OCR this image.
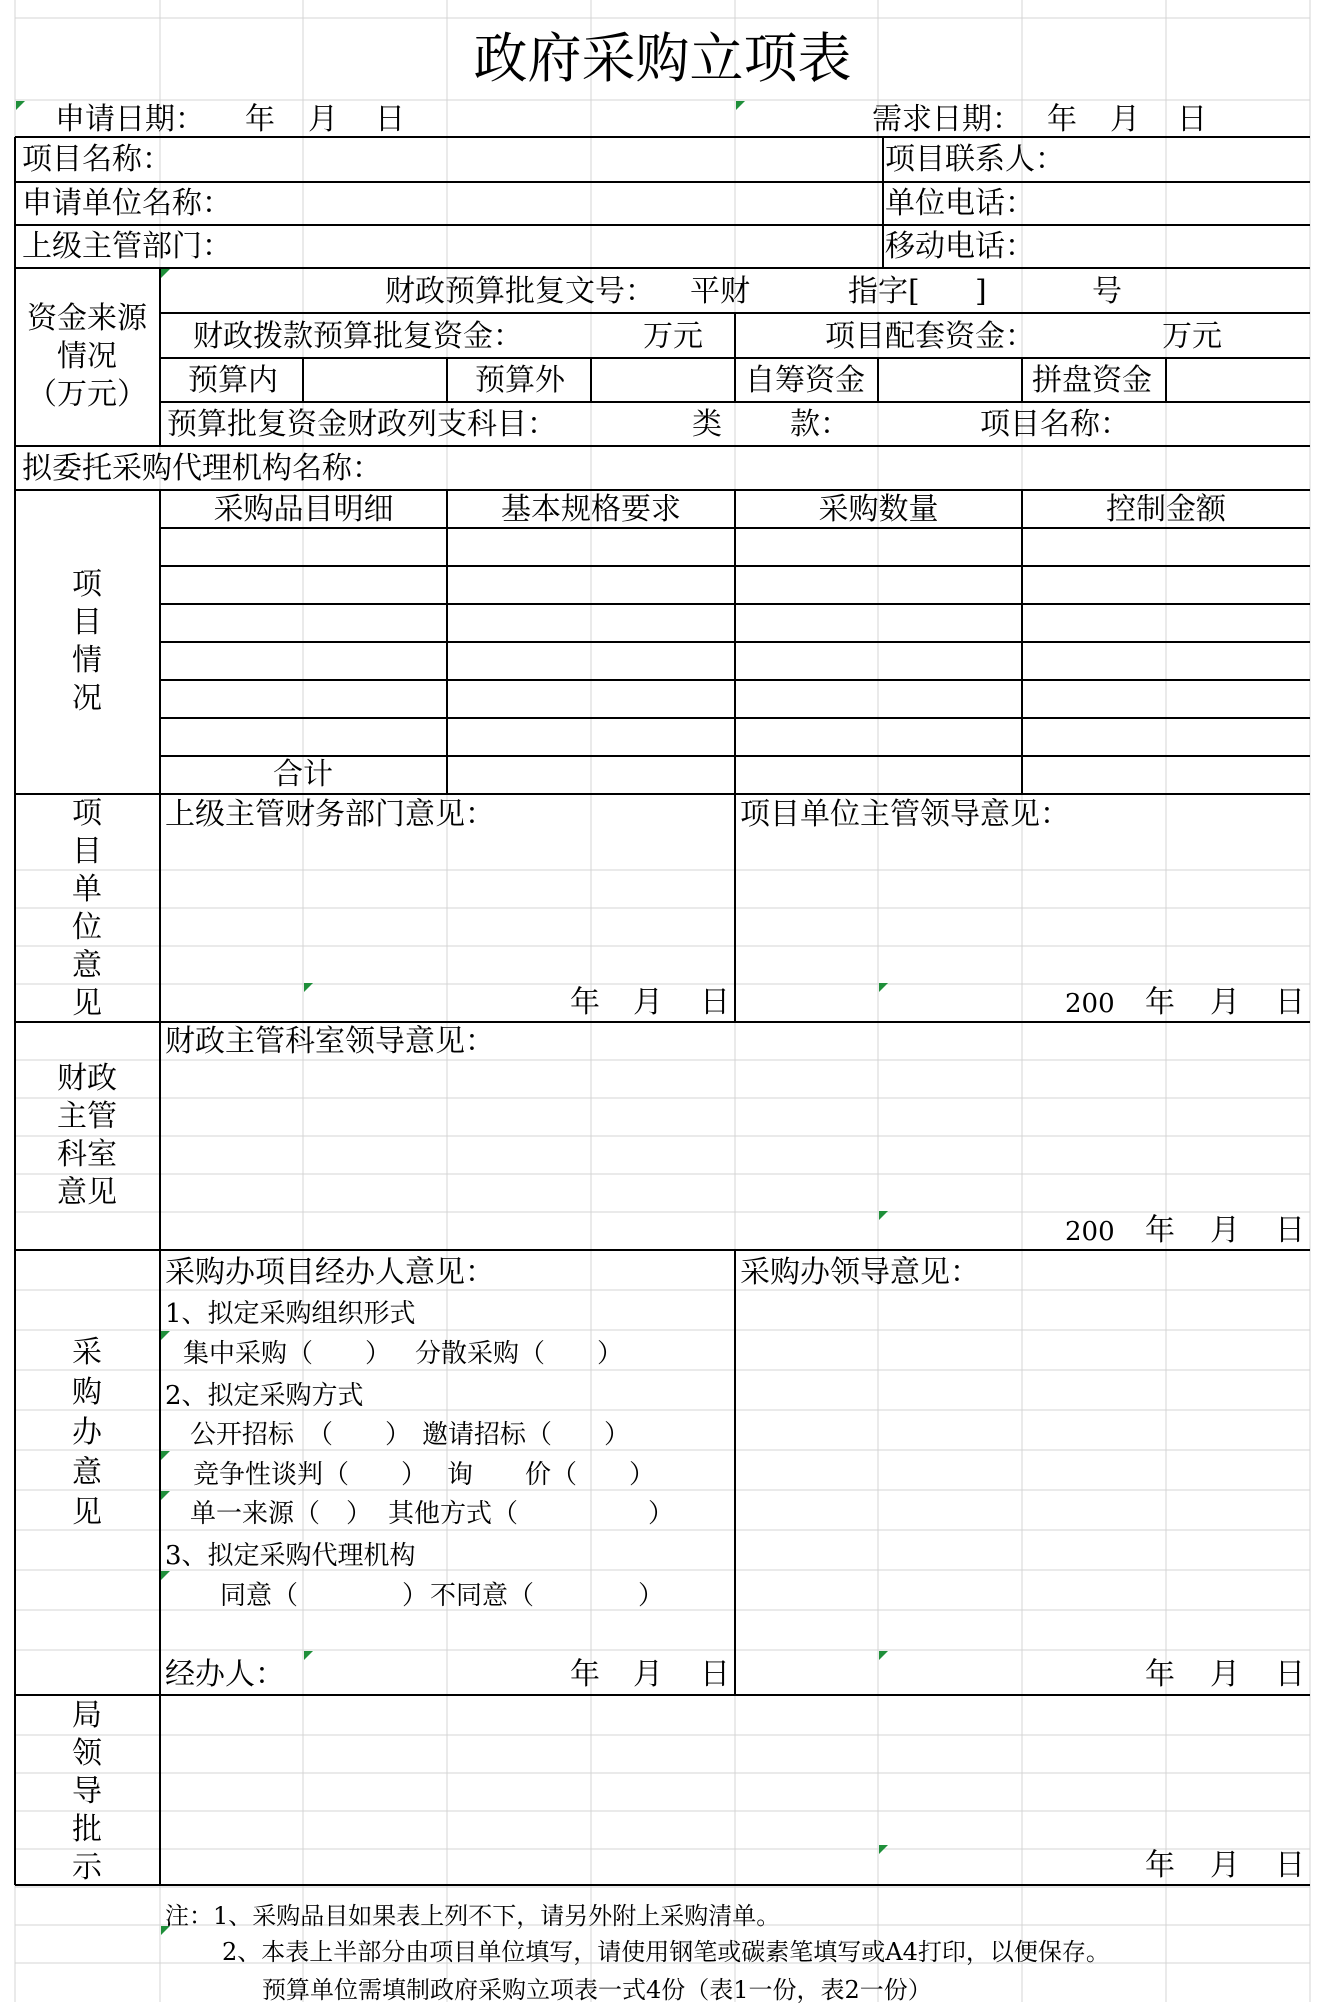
政府采购立项表
申请日期： 年 月 日	需求日期： 年 月 日
项目名称：	项目联系人：
申请单位名称：	单位电话：
上级主管部门：	移动电话：
资金来源
情况
（万元）
财政预算批复文号： 平财	指字[ ]	号
财政拨款预算批复资金：	万元	项目配套资金：	万元
预算内	预算外	自筹资金	拼盘资金
预算批复资金财政列支科目：	类 款：	项目名称：
拟委托采购代理机构名称：
项
目
情
况
采购品目明细	基本规格要求	采购数量	控制金额
合计
项
目
单
位
意
见
上级主管财务部门意见：	项目单位主管领导意见：
年 月 日	200 年 月 日
财政
主管
科室
意见
财政主管科室领导意见：
200 年 月 日
采
购
办
意
见
采购办项目经办人意见：	采购办领导意见：
1、拟定采购组织形式
集中采购（　　） 分散采购（　　）
2、拟定采购方式
公开招标　（　　） 邀请招标（　　）
竞争性谈判（　　） 询　　价（　　）
单一来源（　） 其他方式（　　　　　）
3、拟定采购代理机构
同意（　　　　） 不同意（　　　　）
经办人：	年 月 日	年 月 日
局
领
导
批
示	年 月 日
注：1、采购品目如果表上列不下，请另外附上采购清单。
2、本表上半部分由项目单位填写，请使用钢笔或碳素笔填写或A4打印，以便保存。
预算单位需填制政府采购立项表一式4份（表1一份，表2一份）
